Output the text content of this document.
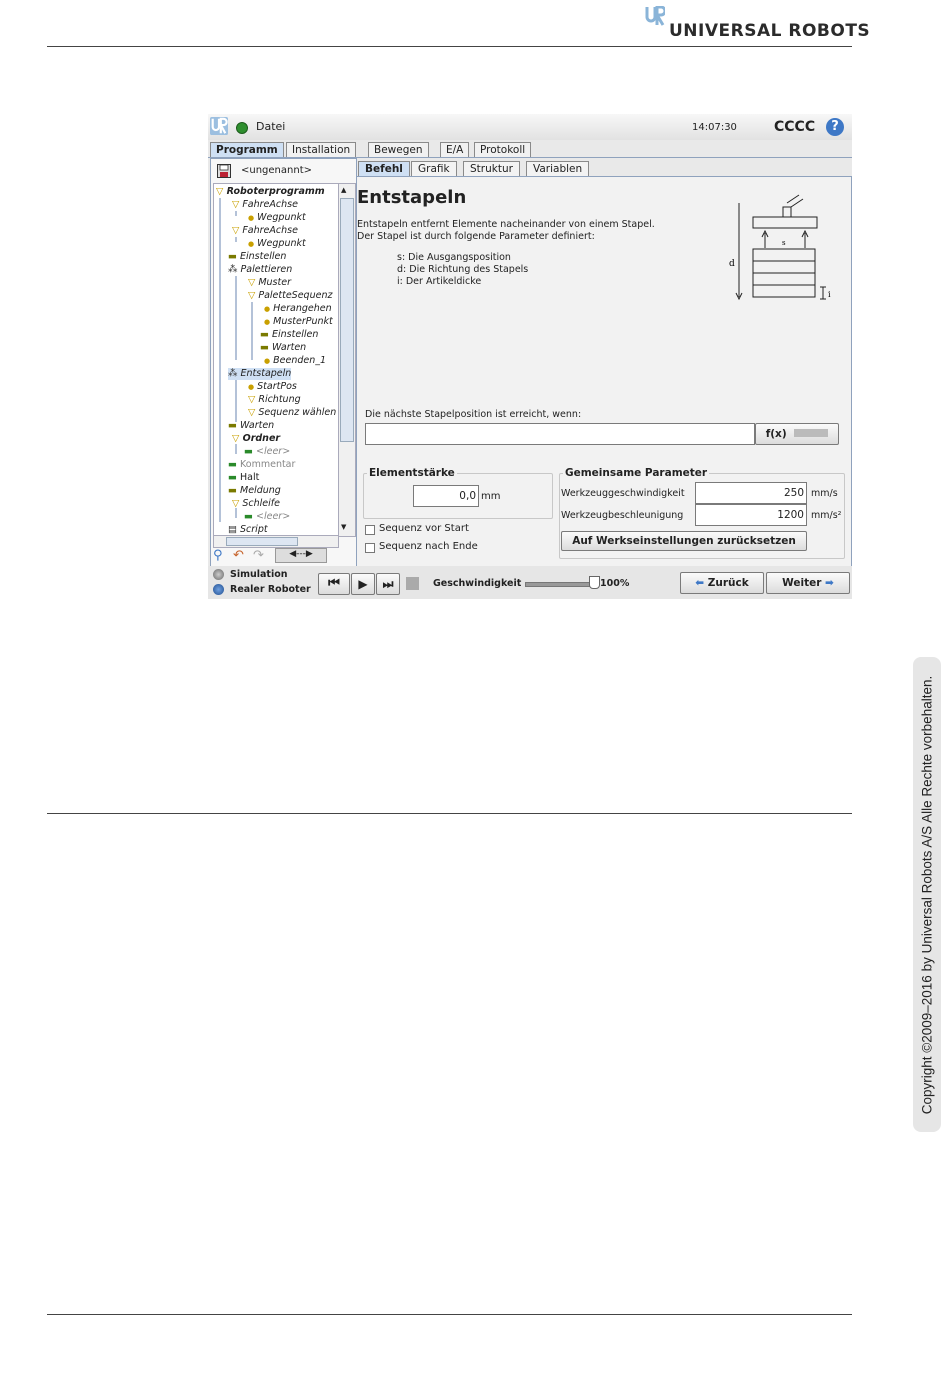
UNIVERSAL ROBOTS
Copyright ©2009–2016 by Universal Robots A/S Alle Rechte vorbehalten.
Datei	14:07:30	CCCC	?
Programm	Installation	Bewegen	E/A	Protokoll
<ungenannt>
▽ Roboterprogramm
▽ FahreAchse
● Wegpunkt
▽ FahreAchse
● Wegpunkt
▬ Einstellen
⁂ Palettieren
▽ Muster
▽ PaletteSequenz
● Herangehen
● MusterPunkt
▬ Einstellen
▬ Warten
● Beenden_1
⁂ Entstapeln
● StartPos
▽ Richtung
▽ Sequenz wählen
▬ Warten
▽ Ordner
▬ <leer>
▬ Kommentar
▬ Halt
▬ Meldung
▽ Schleife
▬ <leer>
▤ Script
▲
▼
⚲ ↶ ↷	◀---▶
Befehl	Grafik	Struktur	Variablen
Entstapeln
Entstapeln entfernt Elemente nacheinander von einem Stapel.
Der Stapel ist durch folgende Parameter definiert:
s: Die Ausgangsposition
d: Die Richtung des Stapels
i: Der Artikeldicke
d
s
i
Die nächste Stapelposition ist erreicht, wenn:
f(x)
Elementstärke
0,0 mm
Sequenz vor Start
Sequenz nach Ende
Gemeinsame Parameter
Werkzeuggeschwindigkeit	250 mm/s
Werkzeugbeschleunigung	1200 mm/s²
Auf Werkseinstellungen zurücksetzen
Simulation
Realer Roboter	⏮	▶	⏭	Geschwindigkeit	100%	⬅ Zurück	Weiter ➡
